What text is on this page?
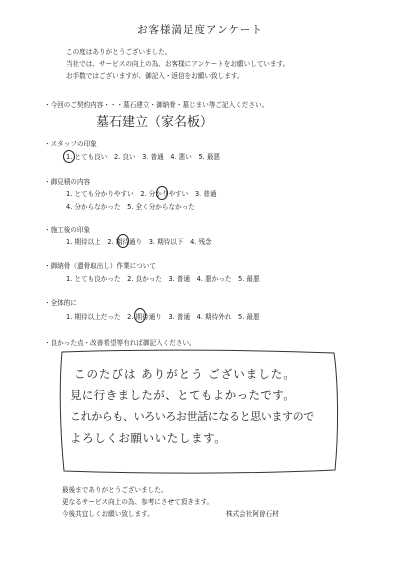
お客様満足度アンケート
この度はありがとうございました。
当社では、サービスの向上の為、お客様にアンケートをお願いしています。
お手数ではございますが、御記入・返信をお願い致します。
・今回のご契約内容・・・墓石建立・御納骨・墓じまい等ご記入ください。
墓石建立（家名板）
・スタッフの印象
1. とても良い　2. 良い　3. 普通　4. 悪い　5. 最悪
・御見積の内容
1. とても分かりやすい　2. 分かりやすい　3. 普通
4. 分からなかった　5. 全く分からなかった
・施工後の印象
1. 期待以上　2. 期待通り　3. 期待以下　4. 残念
・御納骨（遺骨取出し）作業について
1. とても良かった　2. 良かった　3. 普通　4. 悪かった　5. 最悪
・全体的に
1. 期待以上だった　2. 期待通り　3. 普通　4. 期待外れ　5. 最悪
・良かった点・改善希望等有れば御記入ください。
このたびは ありがとう ございました。
見に行きましたが、とてもよかったです。
これからも、いろいろお世話になると思いますので
よろしくお願いいたします。
最後までありがとうございました。
更なるサービス向上の為、参考にさせて頂きます。
今後共宜しくお願い致します。	株式会社阿曽石材
